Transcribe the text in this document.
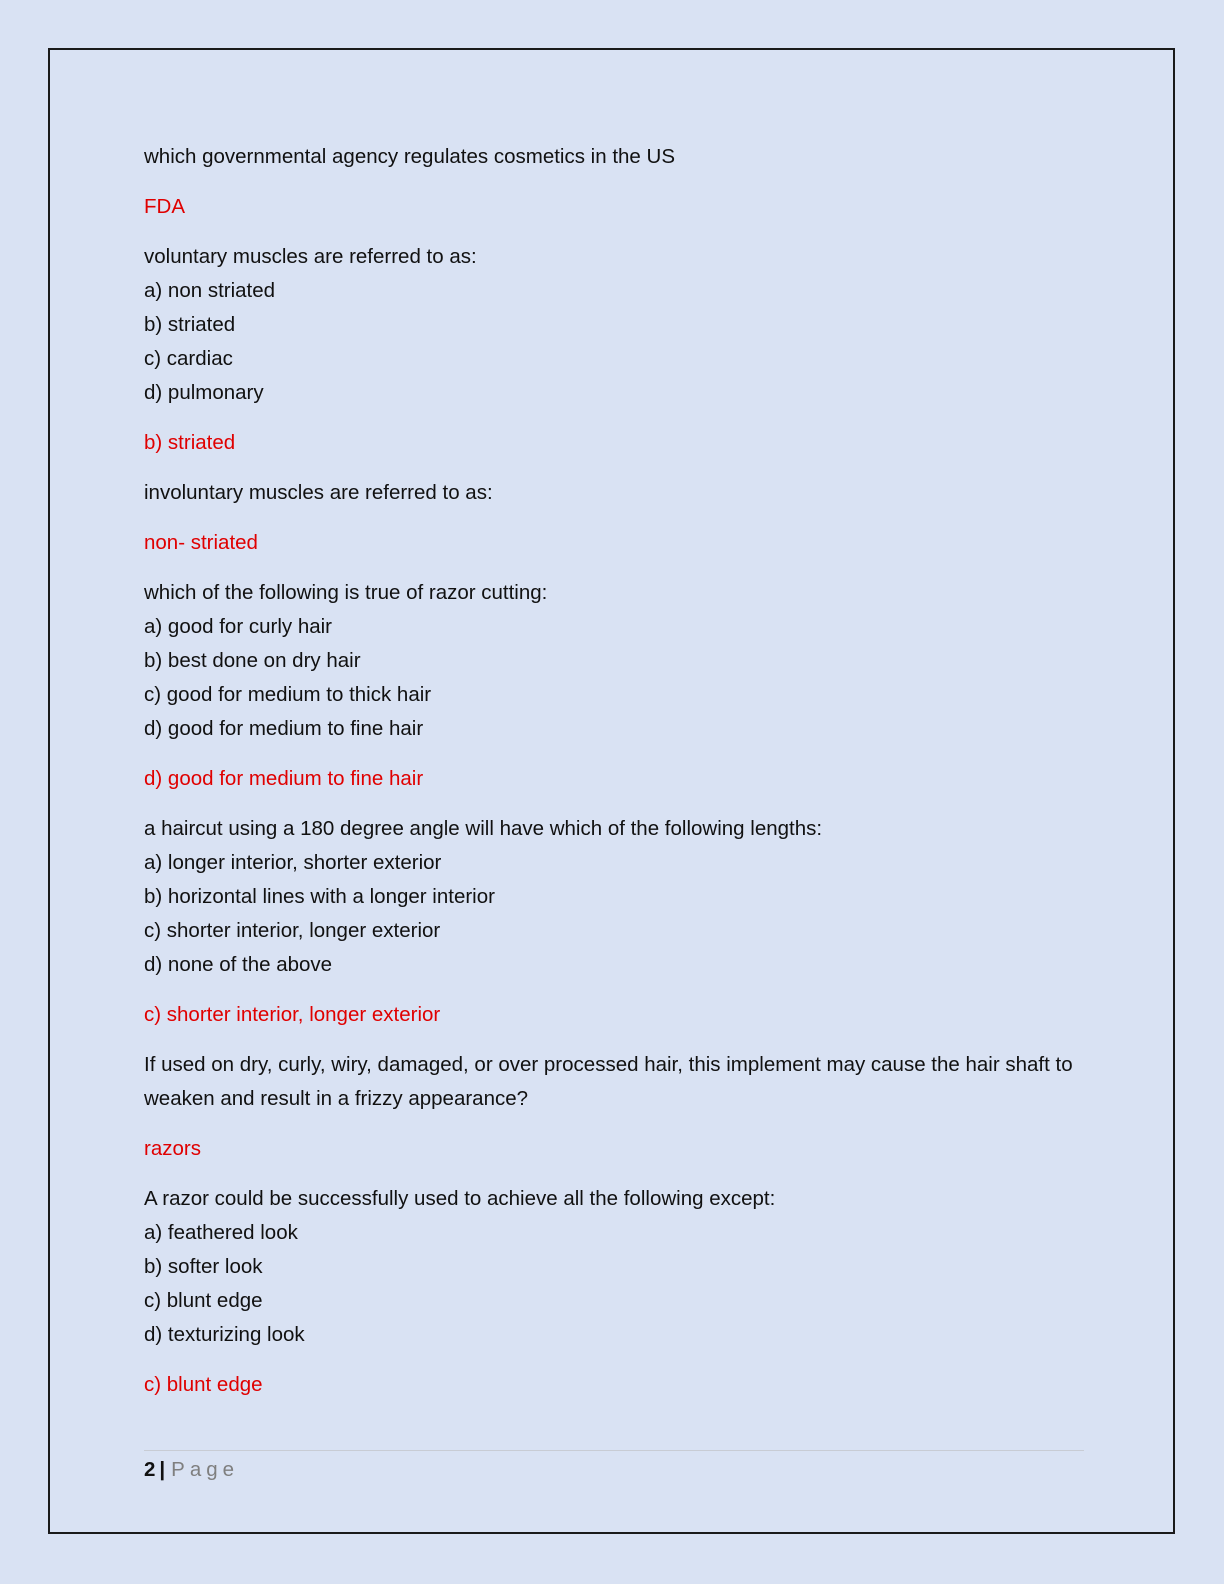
which governmental agency regulates cosmetics in the US
FDA
voluntary muscles are referred to as:
a) non striated
b) striated
c) cardiac
d) pulmonary
b) striated
involuntary muscles are referred to as:
non- striated
which of the following is true of razor cutting:
a) good for curly hair
b) best done on dry hair
c) good for medium to thick hair
d) good for medium to fine hair
d) good for medium to fine hair
a haircut using a 180 degree angle will have which of the following lengths:
a) longer interior, shorter exterior
b) horizontal lines with a longer interior
c) shorter interior, longer exterior
d) none of the above
c) shorter interior, longer exterior
If used on dry, curly, wiry, damaged, or over processed hair, this implement may cause the hair shaft to weaken and result in a frizzy appearance?
razors
A razor could be successfully used to achieve all the following except:
a) feathered look
b) softer look
c) blunt edge
d) texturizing look
c) blunt edge
2 | Page
